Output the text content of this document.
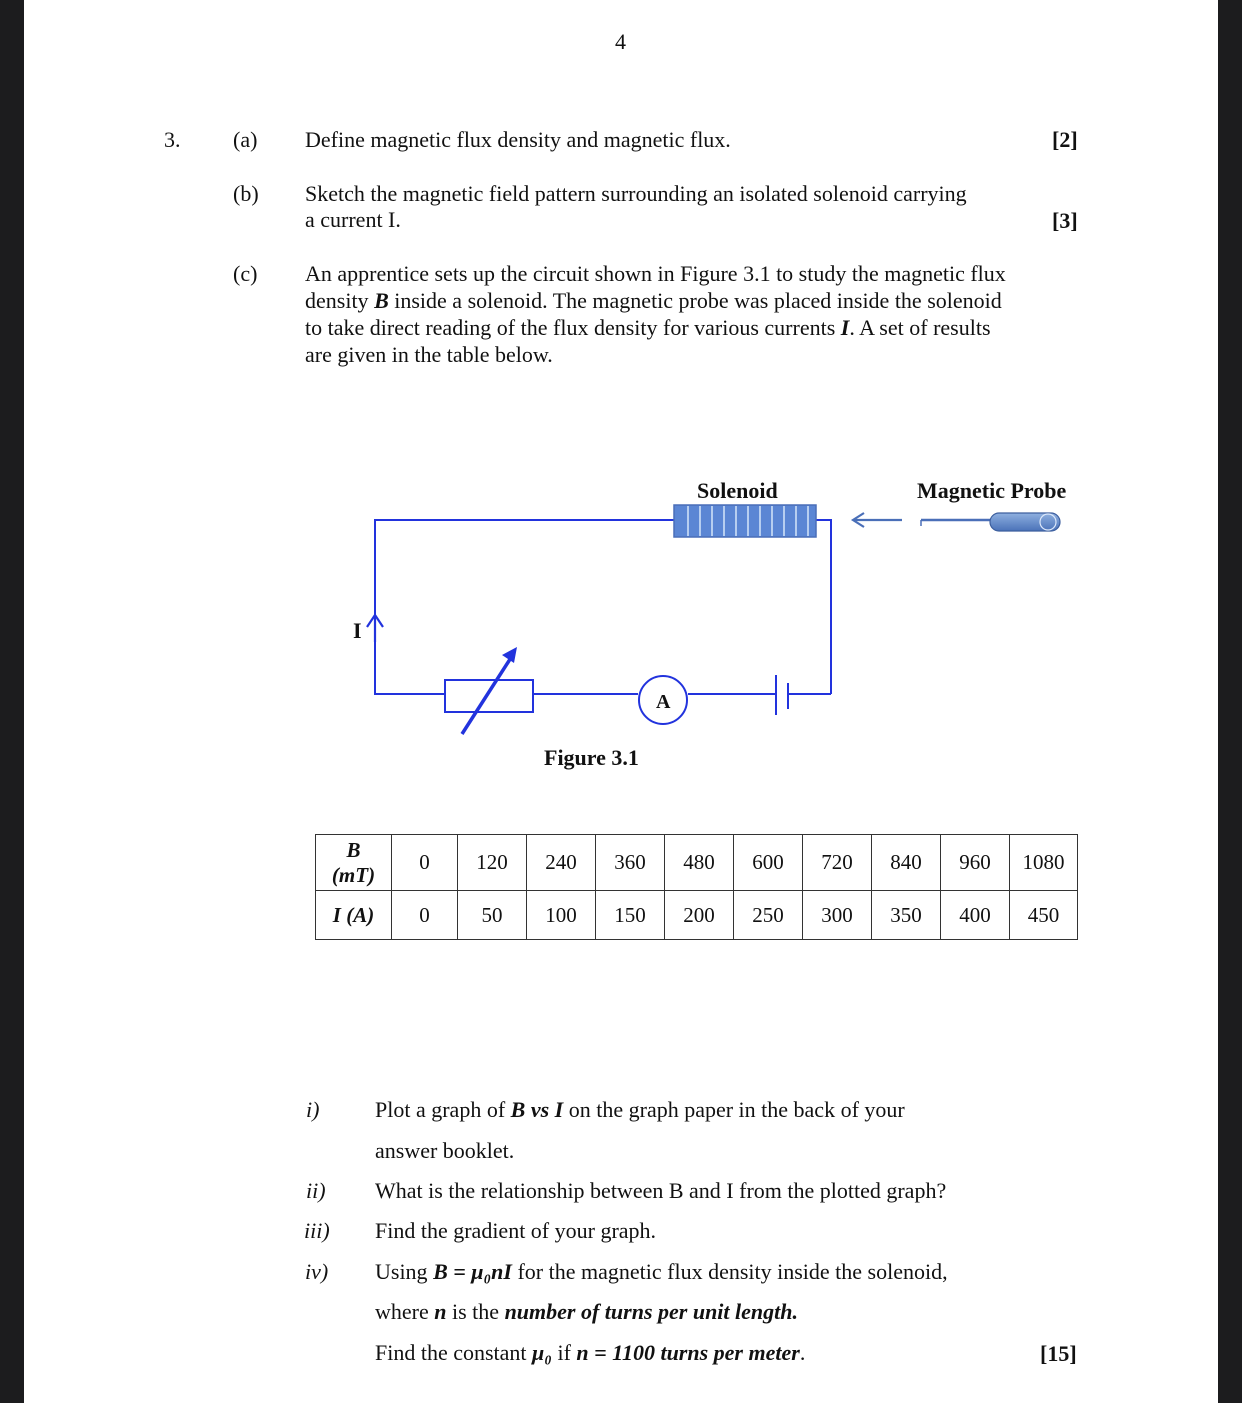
4
3. (a) Define magnetic flux density and magnetic flux.	[2]
(b) Sketch the magnetic field pattern surrounding an isolated solenoid carrying
a current I.	[3]
(c) An apprentice sets up the circuit shown in Figure 3.1 to study the magnetic flux
density B inside a solenoid. The magnetic probe was placed inside the solenoid
to take direct reading of the flux density for various currents I. A set of results
are given in the table below.
Solenoid	Magnetic Probe
I
A
Figure 3.1
B
(mT)	0	120	240	360	480	600	720	840	960	1080
I (A)	0	50	100	150	200	250	300	350	400	450
i)	Plot a graph of B vs I on the graph paper in the back of your
answer booklet.
ii) What is the relationship between B and I from the plotted graph?
iii) Find the gradient of your graph.
iv) Using B = μ₀nI for the magnetic flux density inside the solenoid,
where n is the number of turns per unit length.
Find the constant μ₀ if n = 1100 turns per meter.	[15]
